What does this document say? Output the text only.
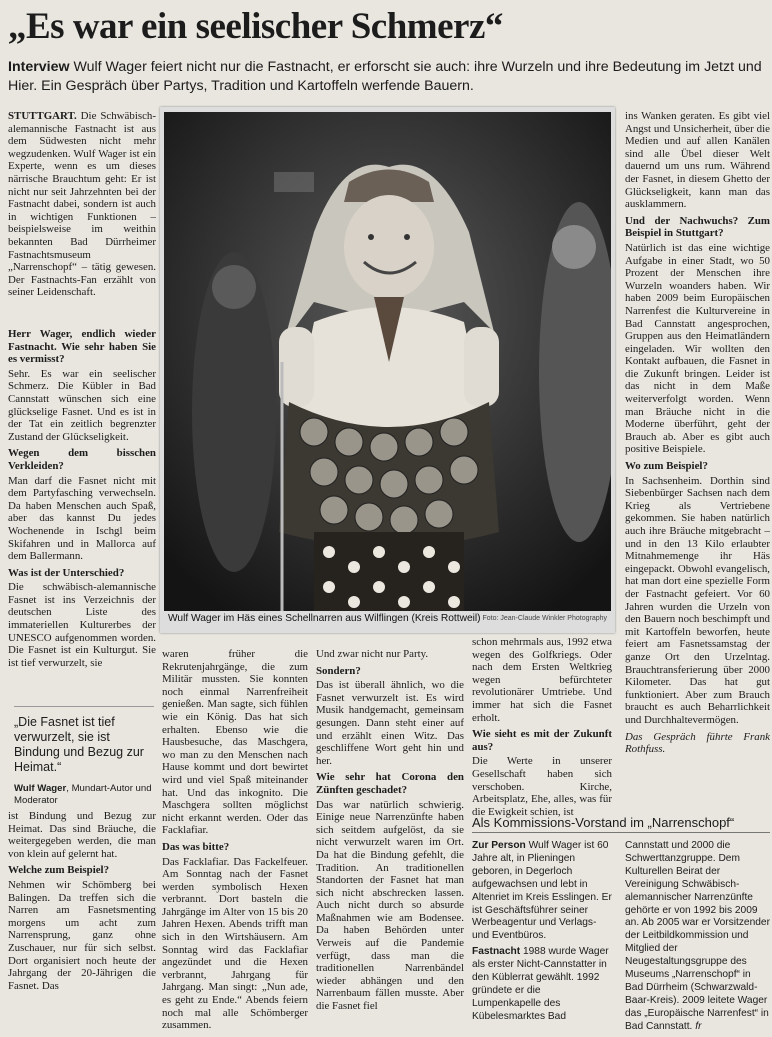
„Es war ein seelischer Schmerz“

Interview Wulf Wager feiert nicht nur die Fastnacht, er erforscht sie auch: ihre Wurzeln und ihre Bedeutung im Jetzt und Hier. Ein Gespräch über Partys, Tradition und Kartoffeln werfende Bauern.

STUTTGART. Die Schwäbisch-alemannische Fastnacht ist aus dem Südwesten nicht mehr wegzudenken. Wulf Wager ist ein Experte, wenn es um dieses närrische Brauchtum geht: Er ist nicht nur seit Jahrzehnten bei der Fastnacht dabei, sondern ist auch in wichtigen Funktionen – beispielsweise im weithin bekannten Bad Dürrheimer Fastnachtsmuseum „Narrenschopf“ – tätig gewesen. Der Fastnachts-Fan erzählt von seiner Leidenschaft.

Herr Wager, endlich wieder Fastnacht. Wie sehr haben Sie es vermisst?

Sehr. Es war ein seelischer Schmerz. Die Kübler in Bad Cannstatt wünschen sich eine glückselige Fasnet. Und es ist in der Tat ein zeitlich begrenzter Zustand der Glückseligkeit.

Wegen dem bisschen Verkleiden?

Man darf die Fasnet nicht mit dem Partyfasching verwechseln. Da haben Menschen auch Spaß, aber das kannst Du jedes Wochenende in Ischgl beim Skifahren und in Mallorca auf dem Ballermann.

Was ist der Unterschied?

Die schwäbisch-alemannische Fasnet ist ins Verzeichnis der deutschen Liste des immateriellen Kulturerbes der UNESCO aufgenommen worden. Die Fasnet ist ein Kulturgut. Sie ist tief verwurzelt, sie

„Die Fasnet ist tief verwurzelt, sie ist Bindung und Bezug zur Heimat.“

Wulf Wager, Mundart-Autor und Moderator

ist Bindung und Bezug zur Heimat. Das sind Bräuche, die weitergegeben werden, die man von klein auf gelernt hat.

Welche zum Beispiel?

Nehmen wir Schömberg bei Balingen. Da treffen sich die Narren am Fasnetsmenting morgens um acht zum Narrensprung, ganz ohne Zuschauer, nur für sich selbst. Dort organisiert noch heute der Jahrgang der 20-Jährigen die Fasnet. Das

Wulf Wager im Häs eines Schellnarren aus Wilflingen (Kreis Rottweil) Foto: Jean-Claude Winkler Photography

waren früher die Rekrutenjahrgänge, die zum Militär mussten. Sie konnten noch einmal Narrenfreiheit genießen. Man sagte, sich fühlen wie ein König. Das hat sich erhalten. Ebenso wie die Hausbesuche, das Maschgera, wo man zu den Menschen nach Hause kommt und dort bewirtet wird und viel Spaß miteinander hat. Und das inkognito. Die Maschgera sollten möglichst nicht erkannt werden. Oder das Facklafiar.

Das was bitte?

Das Facklafiar. Das Fackelfeuer. Am Sonntag nach der Fasnet werden symbolisch Hexen verbrannt. Dort basteln die Jahrgänge im Alter von 15 bis 20 Jahren Hexen. Abends trifft man sich in den Wirtshäusern. Am Sonntag wird das Facklafiar angezündet und die Hexen verbrannt, Jahrgang für Jahrgang. Man singt: „Nun ade, es geht zu Ende.“ Abends feiern noch mal alle Schömberger zusammen.

Und zwar nicht nur Party.

Sondern?

Das ist überall ähnlich, wo die Fasnet verwurzelt ist. Es wird Musik handgemacht, gemeinsam gesungen. Dann steht einer auf und erzählt einen Witz. Das geschliffene Wort geht hin und her.

Wie sehr hat Corona den Zünften geschadet?

Das war natürlich schwierig. Einige neue Narrenzünfte haben sich seitdem aufgelöst, da sie nicht verwurzelt waren im Ort. Da hat die Bindung gefehlt, die Tradition. An traditionellen Standorten der Fasnet hat man sich nicht abschrecken lassen. Auch nicht durch so absurde Maßnahmen wie am Bodensee. Da haben Behörden unter Verweis auf die Pandemie verfügt, dass man die traditionellen Narrenbändel wieder abhängen und den Narrenbaum fällen musste. Aber die Fasnet fiel

schon mehrmals aus, 1992 etwa wegen des Golfkriegs. Oder nach dem Ersten Weltkrieg wegen befürchteter revolutionärer Umtriebe. Und immer hat sich die Fasnet erholt.

Wie sieht es mit der Zukunft aus?

Die Werte in unserer Gesellschaft haben sich verschoben. Kirche, Arbeitsplatz, Ehe, alles, was für die Ewigkeit schien, ist

ins Wanken geraten. Es gibt viel Angst und Unsicherheit, über die Medien und auf allen Kanälen sind alle Übel dieser Welt dauernd um uns rum. Während der Fasnet, in diesem Ghetto der Glückseligkeit, kann man das ausklammern.

Und der Nachwuchs? Zum Beispiel in Stuttgart?

Natürlich ist das eine wichtige Aufgabe in einer Stadt, wo 50 Prozent der Menschen ihre Wurzeln woanders haben. Wir haben 2009 beim Europäischen Narrenfest die Kulturvereine in Bad Cannstatt angesprochen, Gruppen aus den Heimatländern eingeladen. Wir wollten den Kontakt aufbauen, die Fasnet in die Zukunft bringen. Leider ist das nicht in dem Maße weiterverfolgt worden. Wenn man Bräuche nicht in die Moderne überführt, geht der Brauch ab. Aber es gibt auch positive Beispiele.

Wo zum Beispiel?

In Sachsenheim. Dorthin sind Siebenbürger Sachsen nach dem Krieg als Vertriebene gekommen. Sie haben natürlich auch ihre Bräuche mitgebracht – und in den 13 Kilo erlaubter Mitnahmemenge ihr Häs eingepackt. Obwohl evangelisch, hat man dort eine spezielle Form der Fastnacht gefeiert. Vor 60 Jahren wurden die Urzeln von den Bauern noch beschimpft und mit Kartoffeln beworfen, heute feiert am Fasnetssamstag der ganze Ort den Urzelntag. Brauchtransferierung über 2000 Kilometer. Das hat gut funktioniert. Aber zum Brauch braucht es auch Beharrlichkeit und Durchhaltevermögen.

Das Gespräch führte Frank Rothfuss.

Als Kommissions-Vorstand im „Narrenschopf“

Zur Person Wulf Wager ist 60 Jahre alt, in Plieningen geboren, in Degerloch aufgewachsen und lebt in Altenriet im Kreis Esslingen. Er ist Geschäftsführer seiner Werbeagentur und Verlags- und Eventbüros.

Fastnacht 1988 wurde Wager als erster Nicht-Cannstatter in den Küblerrat gewählt. 1992 gründete er die Lumpenkapelle des Kübelesmarktes Bad

Cannstatt und 2000 die Schwerttanzgruppe. Dem Kulturellen Beirat der Vereinigung Schwäbisch-alemannischer Narrenzünfte gehörte er von 1992 bis 2009 an. Ab 2005 war er Vorsitzender der Leitbildkommission und Mitglied der Neugestaltungsgruppe des Museums „Narrenschopf“ in Bad Dürrheim (Schwarzwald-Baar-Kreis). 2009 leitete Wager das „Europäische Narrenfest“ in Bad Cannstatt. fr
